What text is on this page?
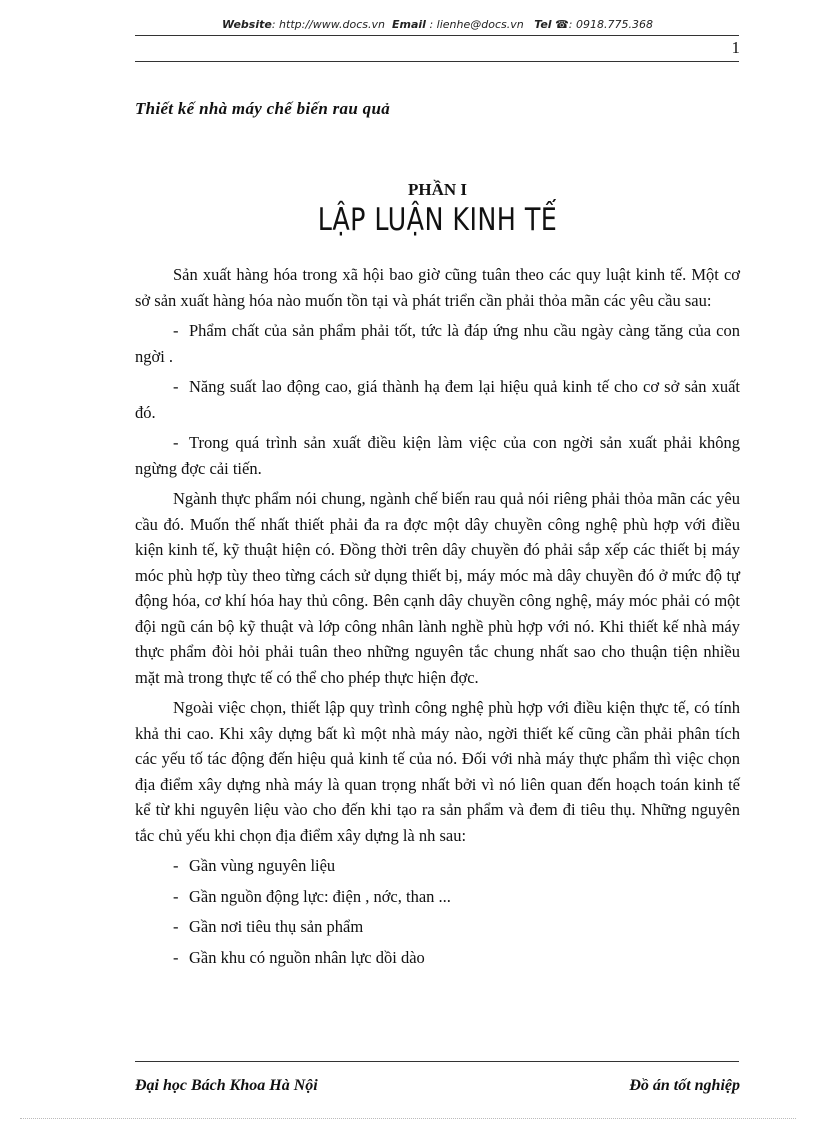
Website: http://www.docs.vn Email : lienhe@docs.vn Tel ☎: 0918.775.368
1
Thiết kế nhà máy chế biến rau quả
PHẦN I
LẬP LUẬN KINH TẾ

Sản xuất hàng hóa trong xã hội bao giờ cũng tuân theo các quy luật kinh tế. Một cơ sở sản xuất hàng hóa nào muốn tồn tại và phát triển cần phải thỏa mãn các yêu cầu sau:

- Phẩm chất của sản phẩm phải tốt, tức là đáp ứng nhu cầu ngày càng tăng của con ngời .

- Năng suất lao động cao, giá thành hạ đem lại hiệu quả kinh tế cho cơ sở sản xuất đó.

- Trong quá trình sản xuất điều kiện làm việc của con ngời sản xuất phải không ngừng đợc cải tiến.

Ngành thực phẩm nói chung, ngành chế biến rau quả nói riêng phải thỏa mãn các yêu cầu đó. Muốn thế nhất thiết phải đa ra đợc một dây chuyền công nghệ phù hợp với điều kiện kinh tế, kỹ thuật hiện có. Đồng thời trên dây chuyền đó phải sắp xếp các thiết bị máy móc phù hợp tùy theo từng cách sử dụng thiết bị, máy móc mà dây chuyền đó ở mức độ tự động hóa, cơ khí hóa hay thủ công. Bên cạnh dây chuyền công nghệ, máy móc phải có một đội ngũ cán bộ kỹ thuật và lớp công nhân lành nghề phù hợp với nó. Khi thiết kế nhà máy thực phẩm đòi hỏi phải tuân theo những nguyên tắc chung nhất sao cho thuận tiện nhiều mặt mà trong thực tế có thể cho phép thực hiện đợc.

Ngoài việc chọn, thiết lập quy trình công nghệ phù hợp với điều kiện thực tế, có tính khả thi cao. Khi xây dựng bất kì một nhà máy nào, ngời thiết kế cũng cần phải phân tích các yếu tố tác động đến hiệu quả kinh tế của nó. Đối với nhà máy thực phẩm thì việc chọn địa điểm xây dựng nhà máy là quan trọng nhất bởi vì nó liên quan đến hoạch toán kinh tế kể từ khi nguyên liệu vào cho đến khi tạo ra sản phẩm và đem đi tiêu thụ. Những nguyên tắc chủ yếu khi chọn địa điểm xây dựng là nh sau:

- Gần vùng nguyên liệu

- Gần nguồn động lực: điện , nớc, than ...

- Gần nơi tiêu thụ sản phẩm

- Gần khu có nguồn nhân lực dồi dào

Đại học Bách Khoa Hà Nội	Đồ án tốt nghiệp
